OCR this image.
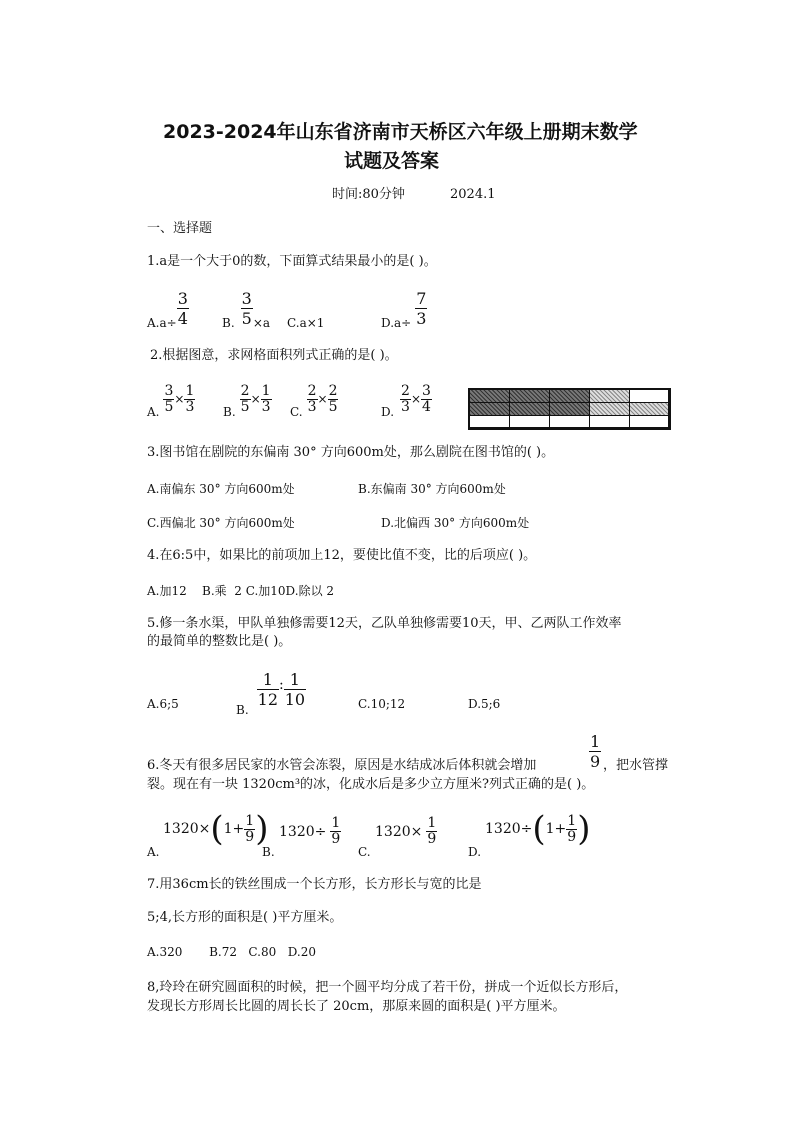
2023-2024年山东省济南市天桥区六年级上册期末数学
试题及答案
时间:80分钟	2024.1
一、选择题
1.a是一个大于0的数，下面算式结果最小的是( )。
$A.a\div \frac{3}{4}$	B. $\frac{3}{5} \times a$ C.a×1	$D.a\div \frac{7}{3}$
2.根据图意，求网格面积列式正确的是( )。
A. $\frac{3}{5} \times \frac{1}{3} B$. $\frac{2}{5} \times \frac{1}{3} C$. $\frac{2}{3} \times \frac{2}{5}$	D. $\frac{2}{3} \times \frac{3}{4}$
3.图书馆在剧院的东偏南 30° 方向600m处，那么剧院在图书馆的( )。
A.南偏东 30° 方向600m处	B.东偏南 30° 方向600m处
C.西偏北 30° 方向600m处	D.北偏西 30° 方向600m处
4.在6:5中，如果比的前项加上12，要使比值不变，比的后项应( )。
A.加12    B.乘  2 C.加10D.除以 2
5.修一条水渠，甲队单独修需要12天，乙队单独修需要10天，甲、乙两队工作效率
的最简单的整数比是( )。
A.6;5	B.
$\frac{1}{12}$ : $\frac{1}{10}$	C.10;12	D.5;6
6.冬天有很多居民家的水管会冻裂，原因是水结成冰后体积就会增加	$\frac{1}{9}$ ，把水管撑
裂。现在有一块 1320cm³的冰，化成水后是多少立方厘米?列式正确的是( )。
A.
1320× ( $1+ \frac{1}{9}$ )
B.
$1320\div \frac{1}{9}$
C.
$1320\times \frac{1}{9}$
D.
1320÷ ( $1+ \frac{1}{9}$ )
7.用36cm长的铁丝围成一个长方形，长方形长与宽的比是
5;4,长方形的面积是( )平方厘米。
A.320       B.72   C.80   D.20
8,玲玲在研究圆面积的时候，把一个圆平均分成了若干份，拼成一个近似长方形后，
发现长方形周长比圆的周长长了 20cm，那原来圆的面积是( )平方厘米。
